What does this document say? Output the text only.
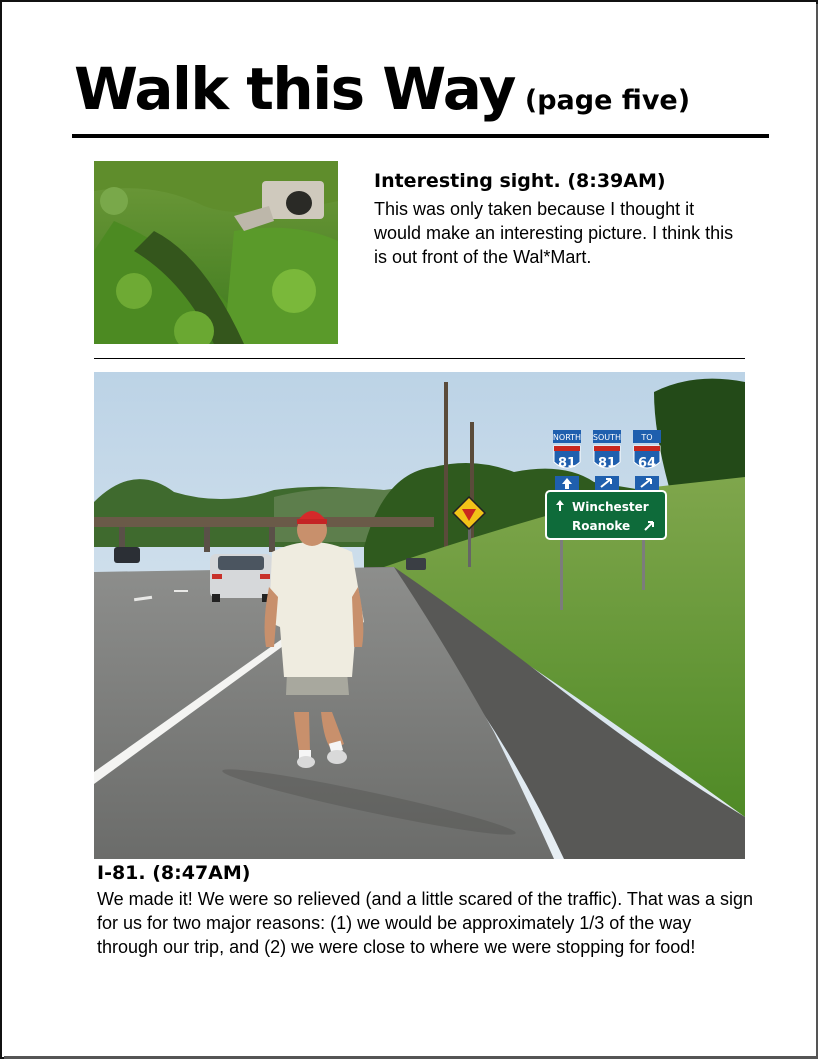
Walk this Way (page five)
Interesting sight. (8:39AM)
This was only taken because I thought it would make an interesting picture. I think this is out front of the Wal*Mart.
NORTH
81
SOUTH
81
TO
64
Winchester
Roanoke
I-81. (8:47AM)
We made it! We were so relieved (and a little scared of the traffic). That was a sign for us for two major reasons: (1) we would be approximately 1/3 of the way through our trip, and (2) we were close to where we were stopping for food!
